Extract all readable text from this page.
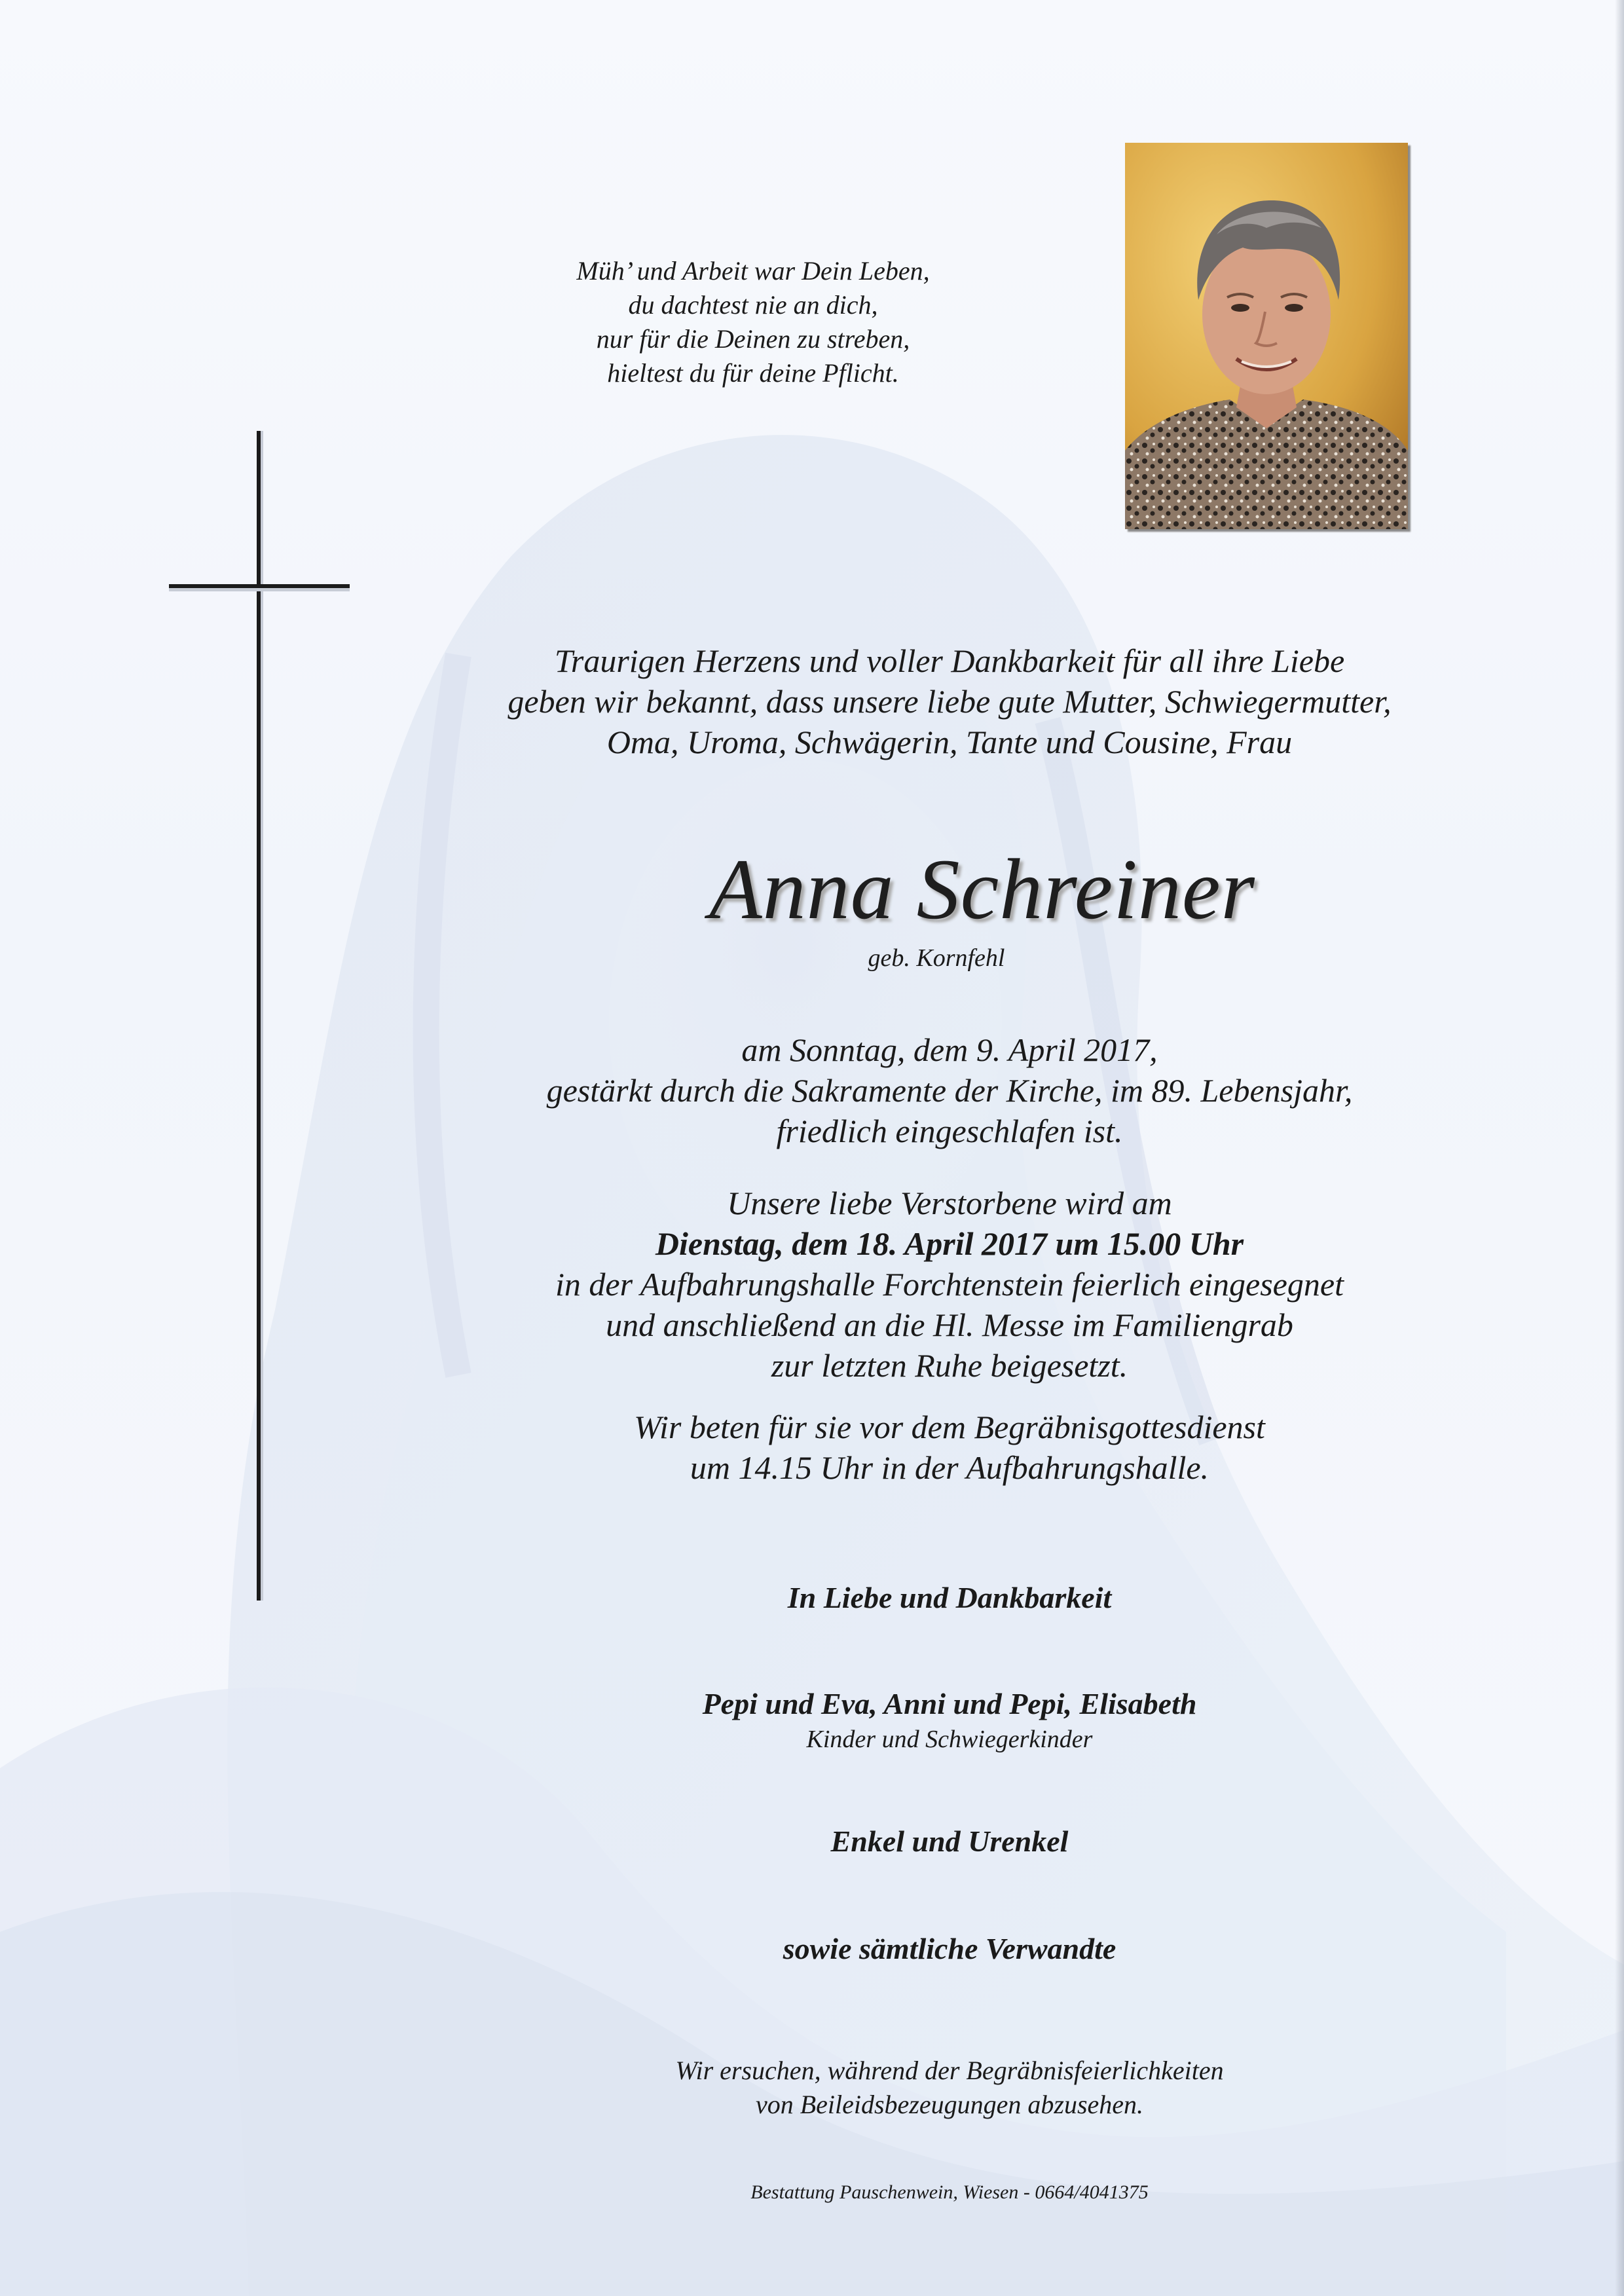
Müh’ und Arbeit war Dein Leben,
du dachtest nie an dich,
nur für die Deinen zu streben,
hieltest du für deine Pflicht.
Traurigen Herzens und voller Dankbarkeit für all ihre Liebe
geben wir bekannt, dass unsere liebe gute Mutter, Schwiegermutter,
Oma, Uroma, Schwägerin, Tante und Cousine, Frau
Anna Schreiner
geb. Kornfehl
am Sonntag, dem 9. April 2017,
gestärkt durch die Sakramente der Kirche, im 89. Lebensjahr,
friedlich eingeschlafen ist.
Unsere liebe Verstorbene wird am
Dienstag, dem 18. April 2017 um 15.00 Uhr
in der Aufbahrungshalle Forchtenstein feierlich eingesegnet
und anschließend an die Hl. Messe im Familiengrab
zur letzten Ruhe beigesetzt.
Wir beten für sie vor dem Begräbnisgottesdienst
um 14.15 Uhr in der Aufbahrungshalle.
In Liebe und Dankbarkeit
Pepi und Eva, Anni und Pepi, Elisabeth
Kinder und Schwiegerkinder
Enkel und Urenkel
sowie sämtliche Verwandte
Wir ersuchen, während der Begräbnisfeierlichkeiten
von Beileidsbezeugungen abzusehen.
Bestattung Pauschenwein, Wiesen - 0664/4041375
